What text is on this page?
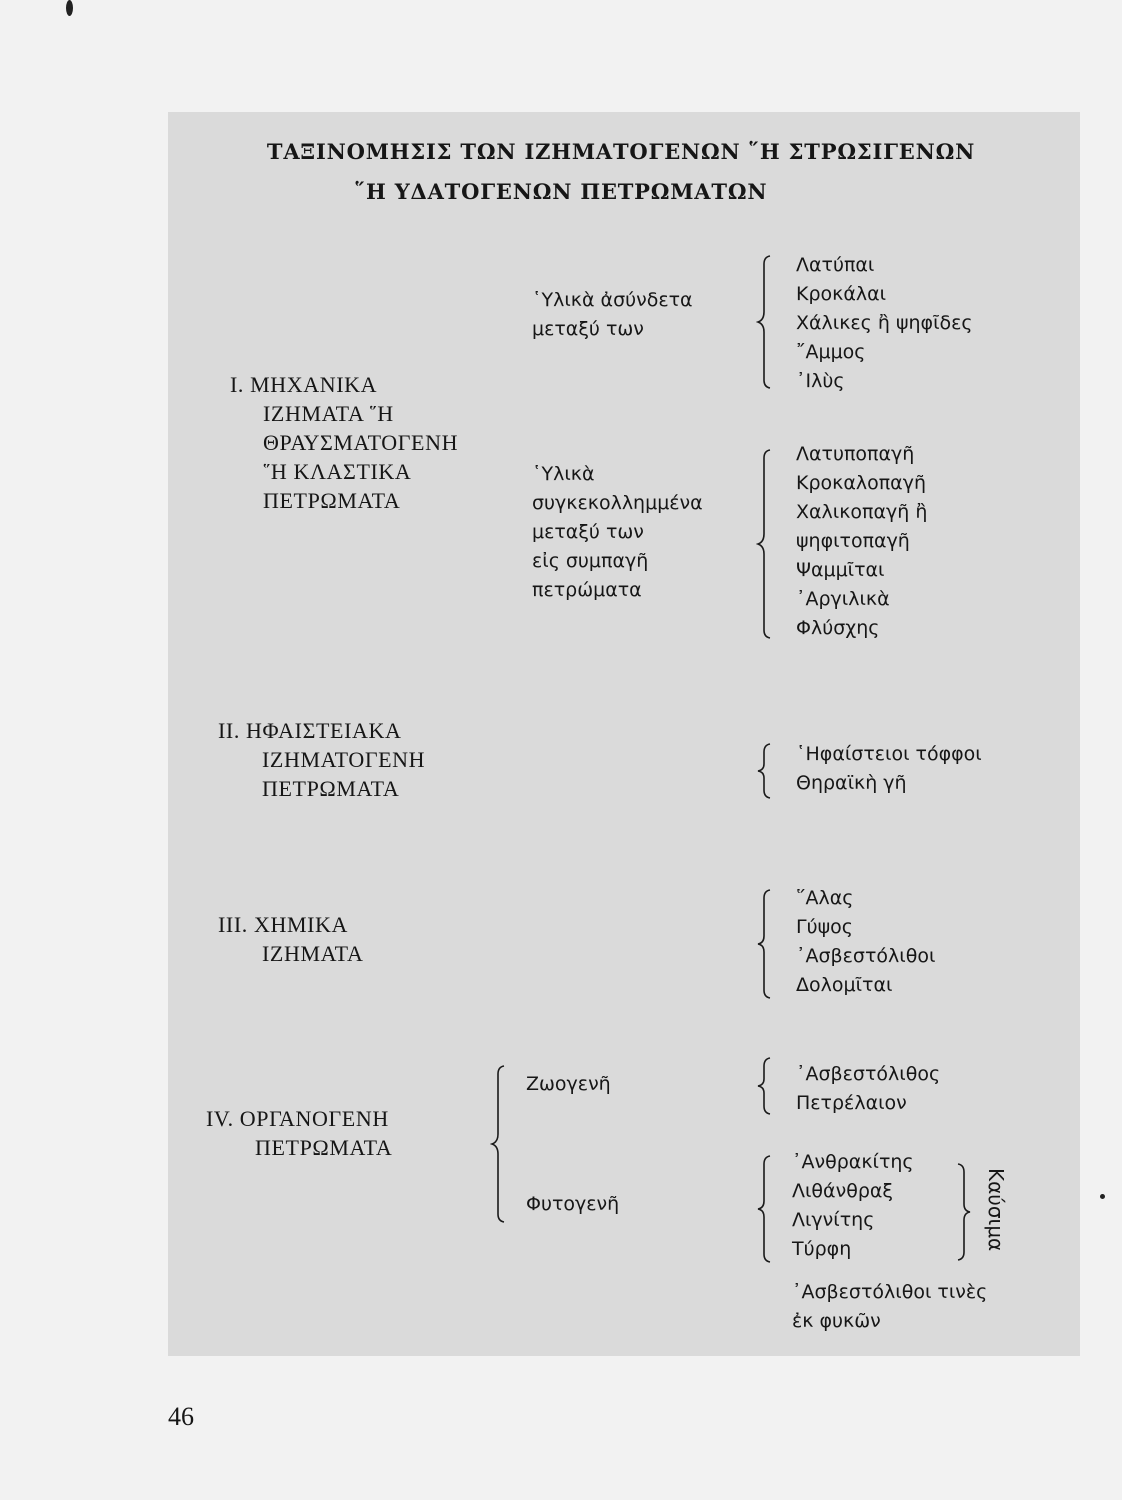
ΤΑΞΙΝΟΜΗΣΙΣ ΤΩΝ ΙΖΗΜΑΤΟΓΕΝΩΝ ῞Η ΣΤΡΩΣΙΓΕΝΩΝ
῞Η ΥΔΑΤΟΓΕΝΩΝ ΠΕΤΡΩΜΑΤΩΝ
I. ΜΗΧΑΝΙΚΑ
ΙΖΗΜΑΤΑ ῞Η
ΘΡΑΥΣΜΑΤΟΓΕΝΗ
῞Η ΚΛΑΣΤΙΚΑ
ΠΕΤΡΩΜΑΤΑ
῾Υλικὰ ἀσύνδετα
μεταξύ των
Λατύπαι
Κροκάλαι
Χάλικες ἢ ψηφῖδες
῎Αμμος
᾿Ιλὺς
῾Υλικὰ
συγκεκολλημμένα
μεταξύ των
εἰς συμπαγῆ
πετρώματα
Λατυποπαγῆ
Κροκαλοπαγῆ
Χαλικοπαγῆ ἢ
ψηφιτοπαγῆ
Ψαμμῖται
᾿Αργιλικὰ
Φλύσχης
II. ΗΦΑΙΣΤΕΙΑΚΑ
ΙΖΗΜΑΤΟΓΕΝΗ
ΠΕΤΡΩΜΑΤΑ
῾Ηφαίστειοι τόφφοι
Θηραϊκὴ γῆ
III. ΧΗΜΙΚΑ
ΙΖΗΜΑΤΑ
῞Αλας
Γύψος
᾿Ασβεστόλιθοι
Δολομῖται
IV. ΟΡΓΑΝΟΓΕΝΗ
ΠΕΤΡΩΜΑΤΑ
Ζωογενῆ	᾿Ασβεστόλιθος
Πετρέλαιον
Φυτογενῆ
᾿Ανθρακίτης
Λιθάνθραξ
Λιγνίτης
Τύρφη	Καύσιμα
᾿Ασβεστόλιθοι τινὲς
ἐκ φυκῶν
46
